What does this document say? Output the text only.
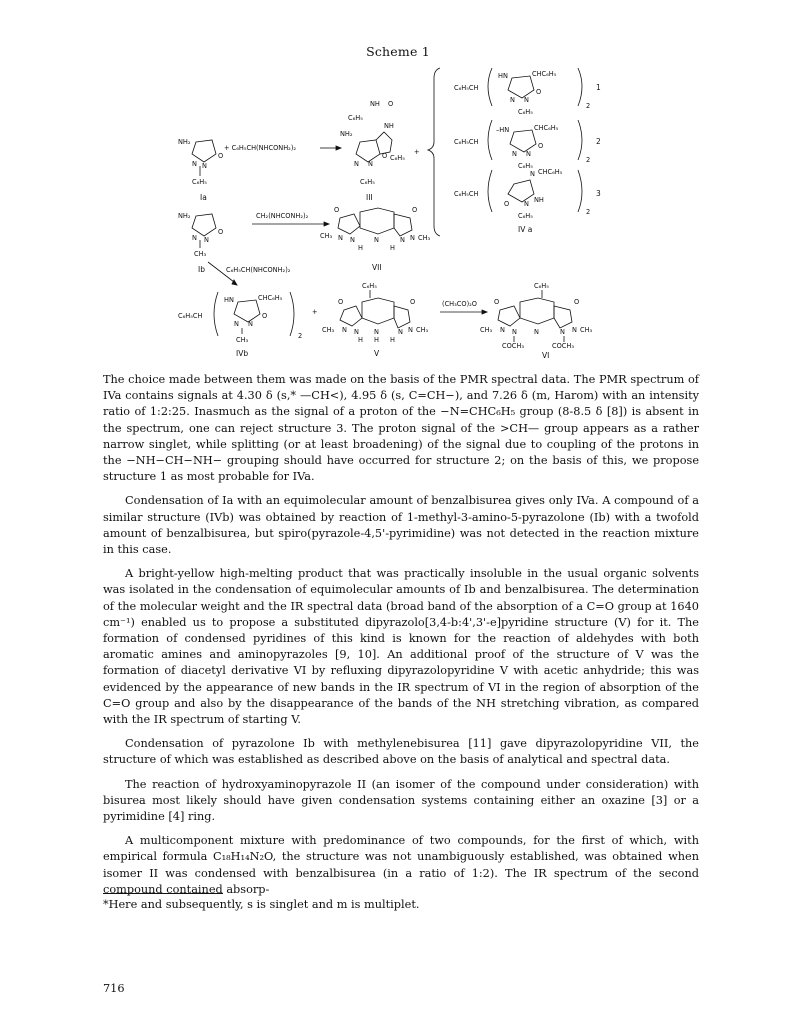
Scheme 1
NH₂
N
N
O
C₆H₅
Ia
+ C₆H₅CH(NHCONH₂)₂
NH O
C₆H₅
NH
NH₂
C₆H₅
N N
O
C₆H₅
III
+
C₆H₅CH
HN	CHC₆H₅
N N
O
C₆H₅
2
1
C₆H₅CH
–HN	CHC₆H₅
N N
O
C₆H₅
2
2
C₆H₅CH
N CHC₆H₅
O N NH
C₆H₅	2
3
IV a
NH₂
N N
O
CH₃
Ib
CH₂(NHCONH₂)₂
O	O
CH₃ N N	N	N N CH₃
H	H
VII
C₆H₅CH(NHCONH₂)₂
C₆H₅CH
HN	CHC₆H₅
N N
O
CH₃	2
IVb
+
C₆H₅
O	O
CH₃ N N N	N N CH₃
H H H
V
(CH₃CO)₂O
C₆H₅
O	O
CH₃ N N	N	N N CH₃
COCH₃	COCH₃
VI

The choice made between them was made on the basis of the PMR spectral data. The PMR spectrum of IVa contains signals at 4.30 δ (s,* —CH<), 4.95 δ (s, C=CH−), and 7.26 δ (m, Harom) with an intensity ratio of 1:2:25. Inasmuch as the signal of a proton of the −N=CHC₆H₅ group (8-8.5 δ [8]) is absent in the spectrum, one can reject structure 3. The proton signal of the >CH— group appears as a rather narrow singlet, while splitting (or at least broadening) of the signal due to coupling of the protons in the −NH−CH−NH− grouping should have occurred for structure 2; on the basis of this, we propose structure 1 as most probable for IVa.

Condensation of Ia with an equimolecular amount of benzalbisurea gives only IVa. A compound of a similar structure (IVb) was obtained by reaction of 1-methyl-3-amino-5-pyrazolone (Ib) with a twofold amount of benzalbisurea, but spiro(pyrazole-4,5'-pyrimidine) was not detected in the reaction mixture in this case.

A bright-yellow high-melting product that was practically insoluble in the usual organic solvents was isolated in the condensation of equimolecular amounts of Ib and benzalbisurea. The determination of the molecular weight and the IR spectral data (broad band of the absorption of a C=O group at 1640 cm⁻¹) enabled us to propose a substituted dipyrazolo[3,4-b:4',3'-e]pyridine structure (V) for it. The formation of condensed pyridines of this kind is known for the reaction of aldehydes with both aromatic amines and aminopyrazoles [9, 10]. An additional proof of the structure of V was the formation of diacetyl derivative VI by refluxing dipyrazolopyridine V with acetic anhydride; this was evidenced by the appearance of new bands in the IR spectrum of VI in the region of absorption of the C=O group and also by the disappearance of the bands of the NH stretching vibration, as compared with the IR spectrum of starting V.

Condensation of pyrazolone Ib with methylenebisurea [11] gave dipyrazolopyridine VII, the structure of which was established as described above on the basis of analytical and spectral data.

The reaction of hydroxyaminopyrazole II (an isomer of the compound under consideration) with bisurea most likely should have given condensation systems containing either an oxazine [3] or a pyrimidine [4] ring.

A multicomponent mixture with predominance of two compounds, for the first of which, with empirical formula C₁₈H₁₄N₂O, the structure was not unambiguously established, was obtained when isomer II was condensed with benzalbisurea (in a ratio of 1:2). The IR spectrum of the second compound contained absorp-

*Here and subsequently, s is singlet and m is multiplet.
716
